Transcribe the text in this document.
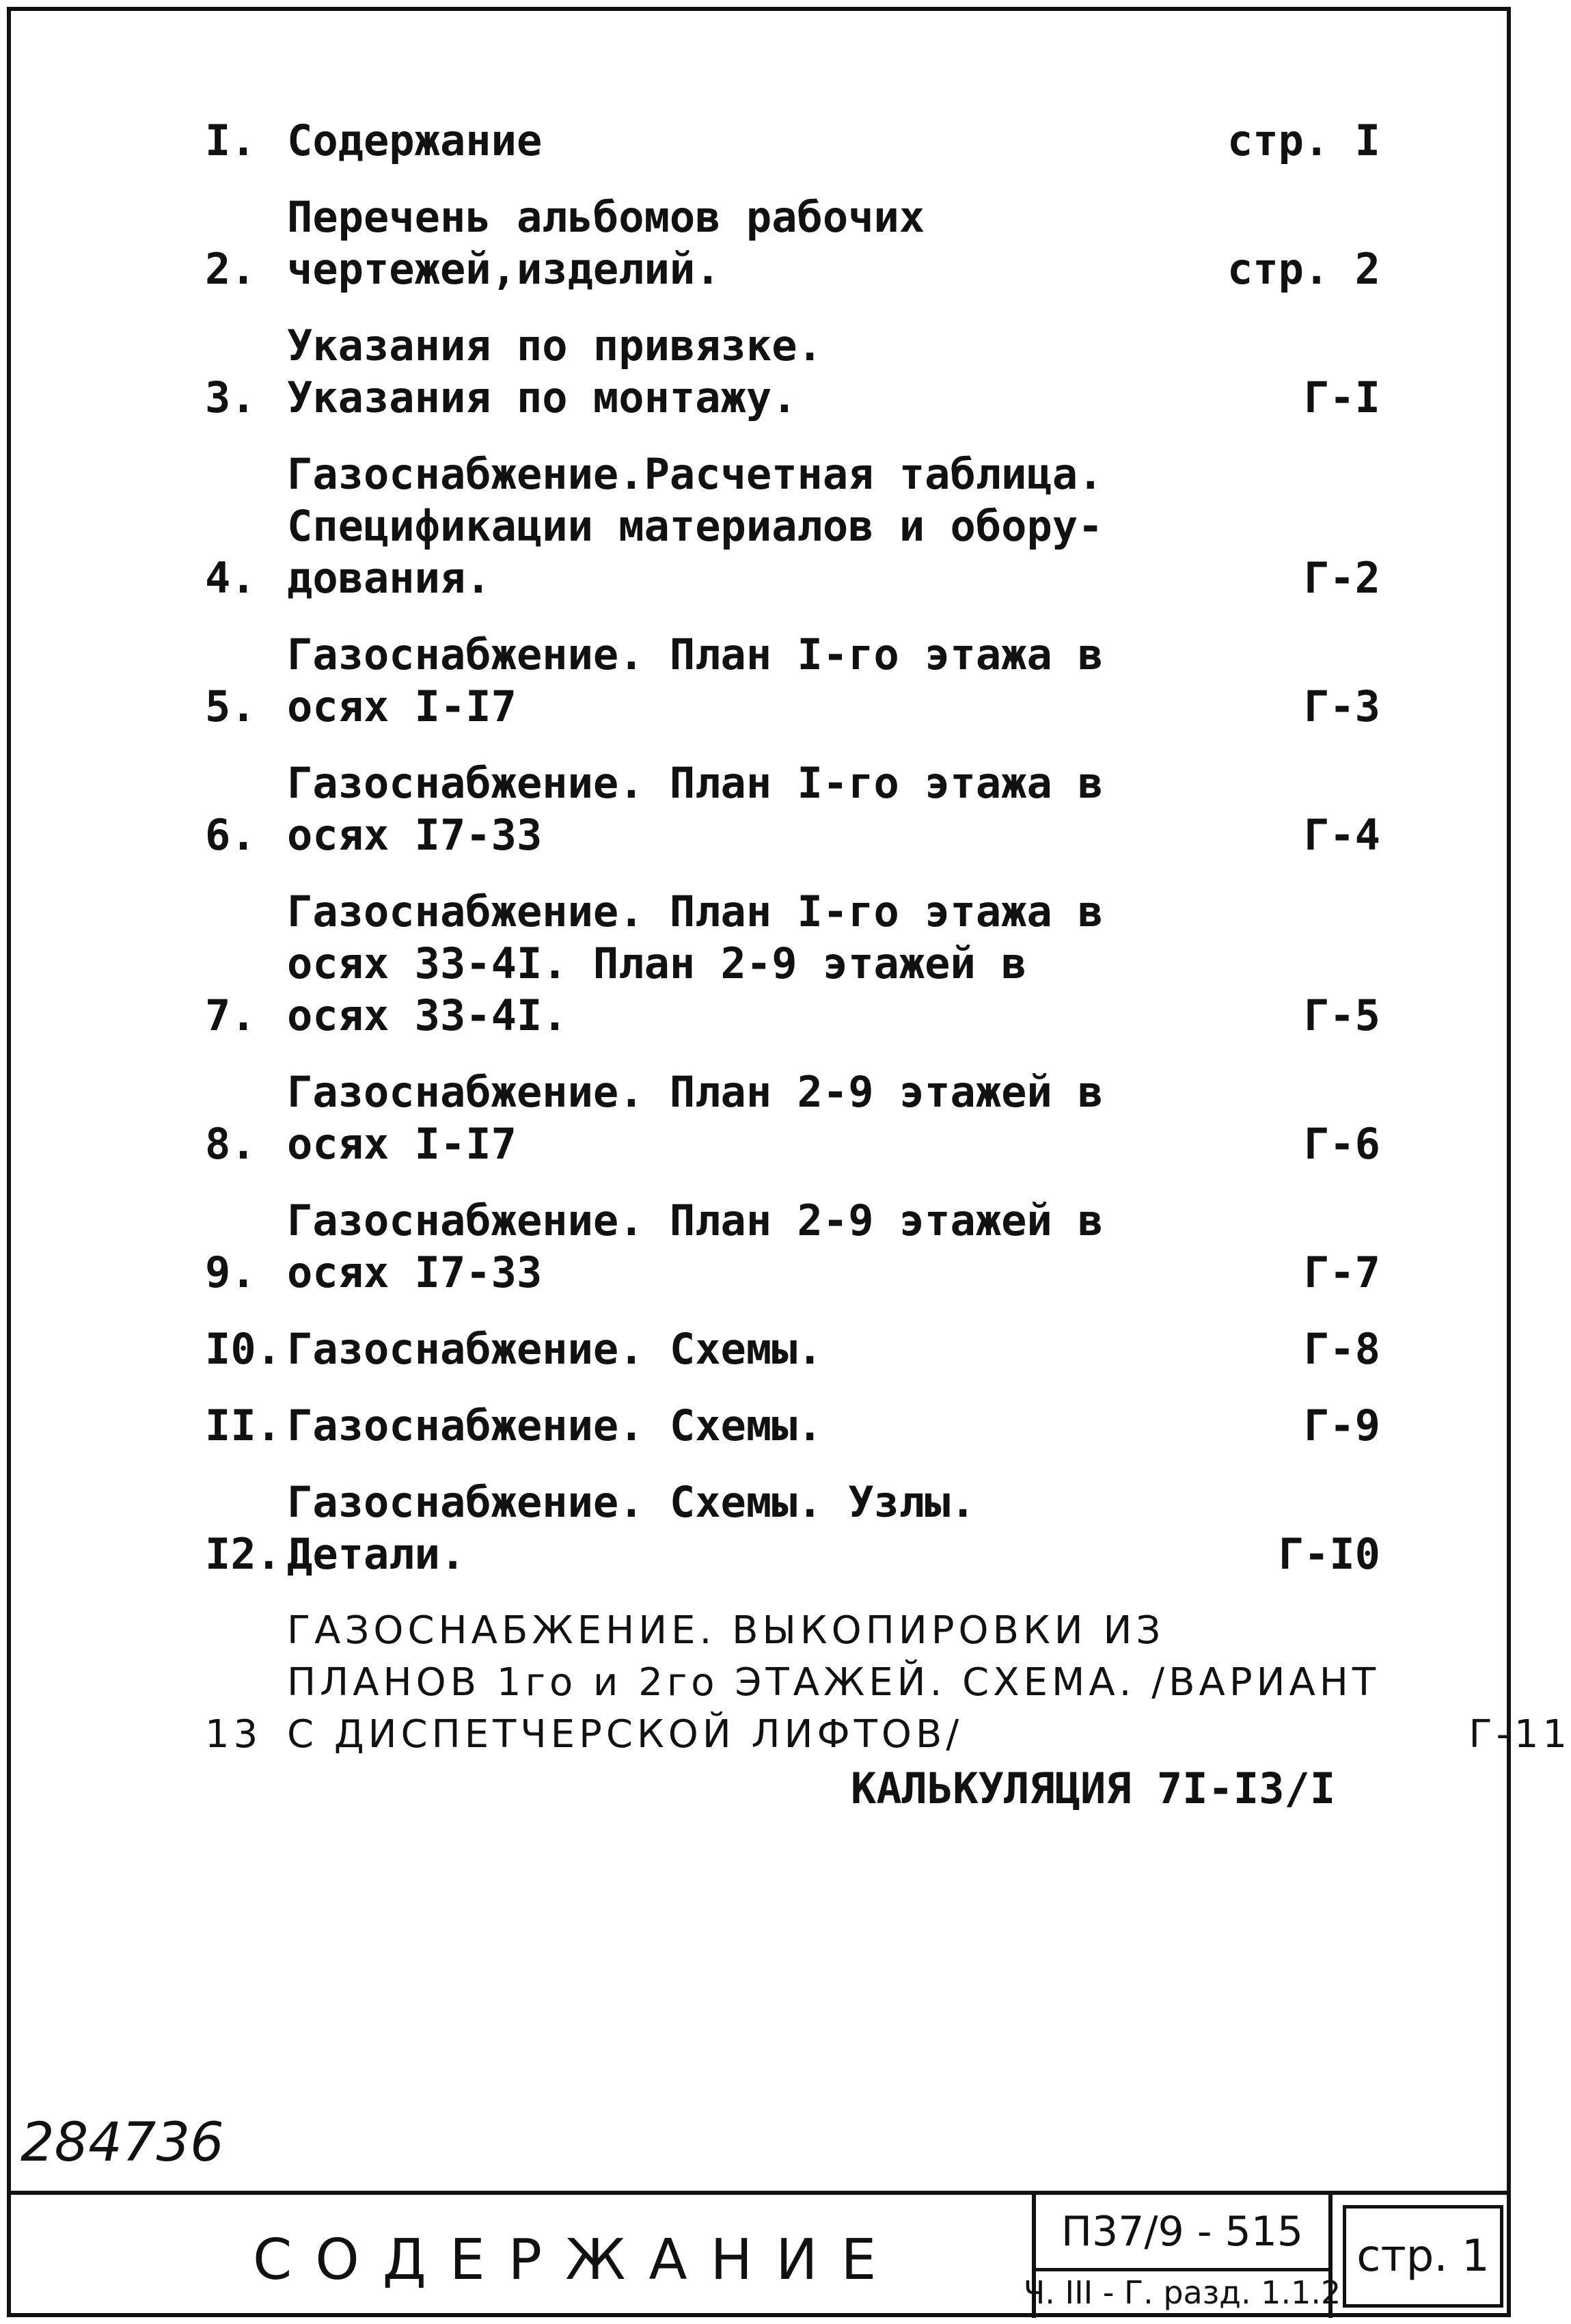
I. Содержание	стр. I
2.
Перечень альбомов рабочих
чертежей,изделий.	стр. 2
3.
Указания по привязке.
Указания по монтажу.	Г-I
4.
Газоснабжение.Расчетная таблица.
Спецификации материалов и обору-
дования.	Г-2
5.
Газоснабжение. План I-го этажа в
осях I-I7	Г-3
6.
Газоснабжение. План I-го этажа в
осях I7-33	Г-4
7.
Газоснабжение. План I-го этажа в
осях 33-4I. План 2-9 этажей в
осях 33-4I.	Г-5
8.
Газоснабжение. План 2-9 этажей в
осях I-I7	Г-6
9.
Газоснабжение. План 2-9 этажей в
осях I7-33	Г-7
I0. Газоснабжение. Схемы.	Г-8
II. Газоснабжение. Схемы.	Г-9
I2.
Газоснабжение. Схемы. Узлы.
Детали.	Г-I0
13
ГАЗОСНАБЖЕНИЕ. ВЫКОПИРОВКИ ИЗ
ПЛАНОВ 1го и 2го ЭТАЖЕЙ. СХЕМА. /ВАРИАНТ
С ДИСПЕТЧЕРСКОЙ ЛИФТОВ/	Г-11
КАЛЬКУЛЯЦИЯ 7I-I3/I
284736
СОДЕРЖАНИЕ	П37/9 - 515
Ч. III - Г. разд. 1.1.2
стр. 1
